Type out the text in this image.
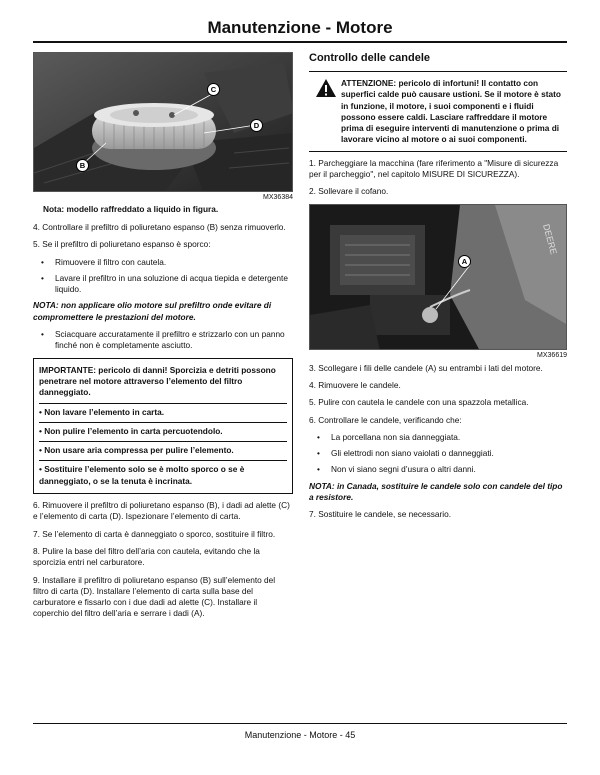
Manutenzione - Motore
C
D
B
MX36384
Nota: modello raffreddato a liquido in figura.

4. Controllare il prefiltro di poliuretano espanso (B) senza rimuoverlo.

5. Se il prefiltro di poliuretano espanso è sporco:

• Rimuovere il filtro con cautela.
• Lavare il prefiltro in una soluzione di acqua tiepida e detergente liquido.
NOTA: non applicare olio motore sul prefiltro onde evitare di compromettere le prestazioni del motore.
• Sciacquare accuratamente il prefiltro e strizzarlo con un panno finché non è completamente asciutto.
IMPORTANTE: pericolo di danni! Sporcizia e detriti possono penetrare nel motore attraverso l’elemento del filtro danneggiato.
• Non lavare l’elemento in carta.
• Non pulire l’elemento in carta percuotendolo.
• Non usare aria compressa per pulire l’elemento.
• Sostituire l’elemento solo se è molto sporco o se è danneggiato, o se la tenuta è incrinata.

6. Rimuovere il prefiltro di poliuretano espanso (B), i dadi ad alette (C) e l’elemento di carta (D). Ispezionare l’elemento di carta.

7. Se l’elemento di carta è danneggiato o sporco, sostituire il filtro.

8. Pulire la base del filtro dell’aria con cautela, evitando che la sporcizia entri nel carburatore.

9. Installare il prefiltro di poliuretano espanso (B) sull’elemento del filtro di carta (D). Installare l’elemento di carta sulla base del carburatore e fissarlo con i due dadi ad alette (C). Installare il coperchio del filtro dell’aria e serrare i dadi (A).

Controllo delle candele
ATTENZIONE: pericolo di infortuni! Il contatto con superfici calde può causare ustioni. Se il motore è stato in funzione, il motore, i suoi componenti e i fluidi possono essere caldi. Lasciare raffreddare il motore prima di eseguire interventi di manutenzione o prima di lavorare vicino al motore o ai suoi componenti.

1. Parcheggiare la macchina (fare riferimento a "Misure di sicurezza per il parcheggio", nel capitolo MISURE DI SICUREZZA).

2. Sollevare il cofano.

DEERE
A
MX36619

3. Scollegare i fili delle candele (A) su entrambi i lati del motore.

4. Rimuovere le candele.

5. Pulire con cautela le candele con una spazzola metallica.

6. Controllare le candele, verificando che:

• La porcellana non sia danneggiata.
• Gli elettrodi non siano vaiolati o danneggiati.
• Non vi siano segni d’usura o altri danni.
NOTA: in Canada, sostituire le candele solo con candele del tipo a resistore.

7. Sostituire le candele, se necessario.

Manutenzione - Motore - 45
